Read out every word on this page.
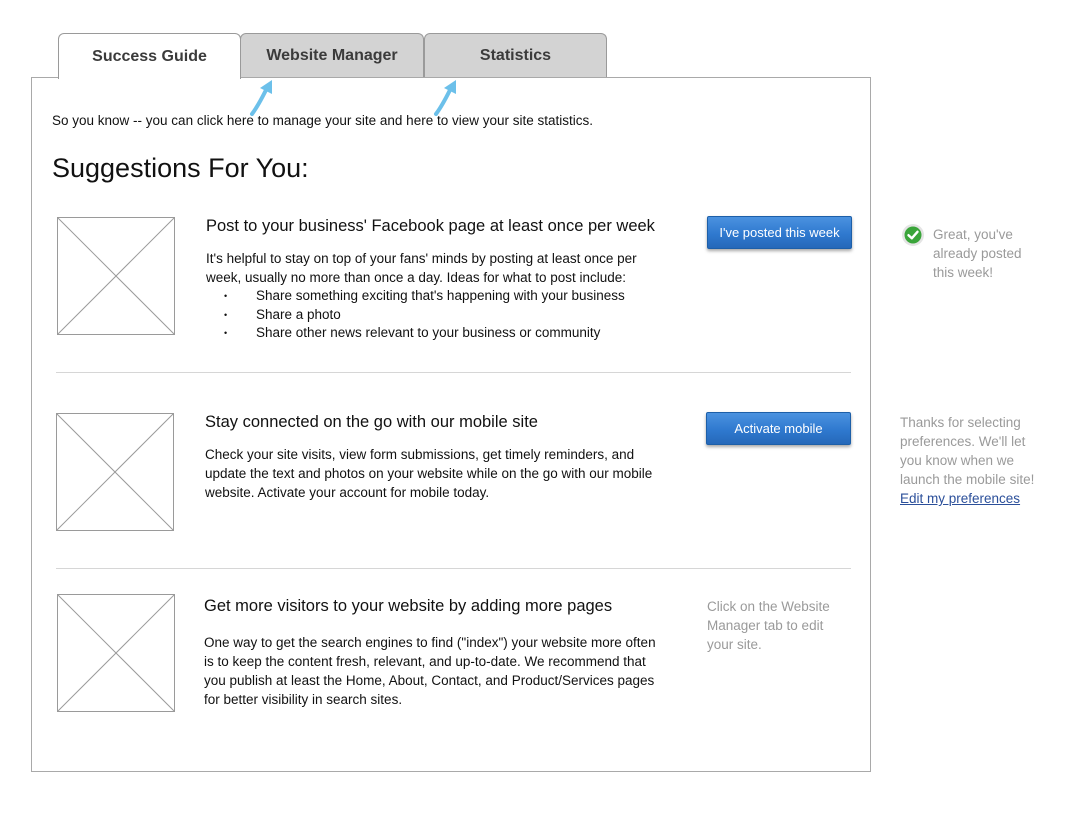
Success Guide	Website Manager	Statistics
So you know -- you can click here to manage your site and here to view your site statistics.
Suggestions For You:
Post to your business' Facebook page at least once per week
It's helpful to stay on top of your fans' minds by posting at least once per week, usually no more than once a day. Ideas for what to post include:
• Share something exciting that's happening with your business
• Share a photo
• Share other news relevant to your business or community
I've posted this week	Great, you've already posted this week!
Stay connected on the go with our mobile site
Check your site visits, view form submissions, get timely reminders, and update the text and photos on your website while on the go with our mobile website. Activate your account for mobile today.
Activate mobile	Thanks for selecting preferences. We'll let you know when we launch the mobile site!
Edit my preferences
Get more visitors to your website by adding more pages
One way to get the search engines to find ("index") your website more often is to keep the content fresh, relevant, and up-to-date. We recommend that you publish at least the Home, About, Contact, and Product/Services pages for better visibility in search sites.
Click on the Website Manager tab to edit your site.
